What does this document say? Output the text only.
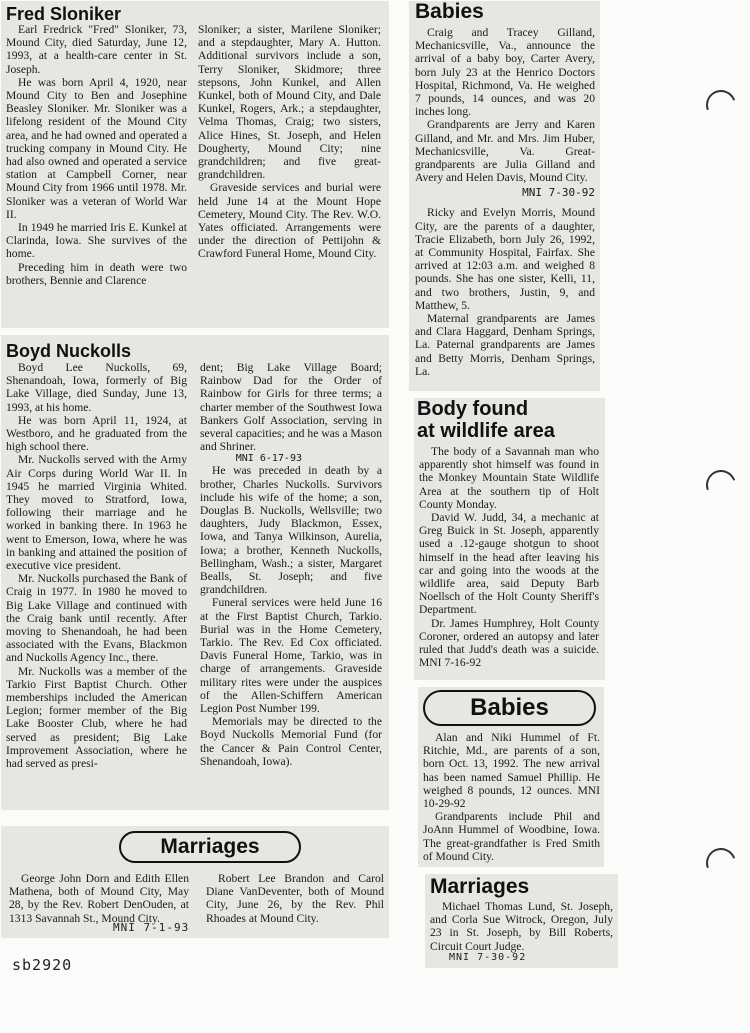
Fred Sloniker

Earl Fredrick "Fred" Sloniker, 73, Mound City, died Saturday, June 12, 1993, at a health-care center in St. Joseph.

He was born April 4, 1920, near Mound City to Ben and Josephine Beasley Sloniker. Mr. Sloniker was a lifelong resident of the Mound City area, and he had owned and operated a trucking company in Mound City. He had also owned and operated a service station at Campbell Corner, near Mound City from 1966 until 1978. Mr. Sloniker was a veteran of World War II.

In 1949 he married Iris E. Kunkel at Clarinda, Iowa. She survives of the home.

Preceding him in death were two brothers, Bennie and Clarence

Sloniker; a sister, Marilene Sloniker; and a stepdaughter, Mary A. Hutton. Additional survivors include a son, Terry Sloniker, Skidmore; three stepsons, John Kunkel, and Allen Kunkel, both of Mound City, and Dale Kunkel, Rogers, Ark.; a stepdaughter, Velma Thomas, Craig; two sisters, Alice Hines, St. Joseph, and Helen Dougherty, Mound City; nine grandchildren; and five great-grandchildren.

Graveside services and burial were held June 14 at the Mount Hope Cemetery, Mound City. The Rev. W.O. Yates officiated. Arrangements were under the direction of Pettijohn & Crawford Funeral Home, Mound City.

Boyd Nuckolls

Boyd Lee Nuckolls, 69, Shenandoah, Iowa, formerly of Big Lake Village, died Sunday, June 13, 1993, at his home.

He was born April 11, 1924, at Westboro, and he graduated from the high school there.

Mr. Nuckolls served with the Army Air Corps during World War II. In 1945 he married Virginia Whited. They moved to Stratford, Iowa, following their marriage and he worked in banking there. In 1963 he went to Emerson, Iowa, where he was in banking and attained the position of executive vice president.

Mr. Nuckolls purchased the Bank of Craig in 1977. In 1980 he moved to Big Lake Village and continued with the Craig bank until recently. After moving to Shenandoah, he had been associated with the Evans, Blackmon and Nuckolls Agency Inc., there.

Mr. Nuckolls was a member of the Tarkio First Baptist Church. Other memberships included the American Legion; former member of the Big Lake Booster Club, where he had served as president; Big Lake Improvement Association, where he had served as presi-

dent; Big Lake Village Board; Rainbow Dad for the Order of Rainbow for Girls for three terms; a charter member of the Southwest Iowa Bankers Golf Association, serving in several capacities; and he was a Mason and Shriner.

MNI 6-17-93

He was preceded in death by a brother, Charles Nuckolls. Survivors include his wife of the home; a son, Douglas B. Nuckolls, Wellsville; two daughters, Judy Blackmon, Essex, Iowa, and Tanya Wilkinson, Aurelia, Iowa; a brother, Kenneth Nuckolls, Bellingham, Wash.; a sister, Margaret Bealls, St. Joseph; and five grandchildren.

Funeral services were held June 16 at the First Baptist Church, Tarkio. Burial was in the Home Cemetery, Tarkio. The Rev. Ed Cox officiated. Davis Funeral Home, Tarkio, was in charge of arrangements. Graveside military rites were under the auspices of the Allen-Schiffern American Legion Post Number 199.

Memorials may be directed to the Boyd Nuckolls Memorial Fund (for the Cancer & Pain Control Center, Shenandoah, Iowa).

Marriages

George John Dorn and Edith Ellen Mathena, both of Mound City, May 28, by the Rev. Robert DenOuden, at 1313 Savannah St., Mound City.

MNI 7-1-93

Robert Lee Brandon and Carol Diane VanDeventer, both of Mound City, June 26, by the Rev. Phil Rhoades at Mound City.

sb2920
Babies

Craig and Tracey Gilland, Mechanicsville, Va., announce the arrival of a baby boy, Carter Avery, born July 23 at the Henrico Doctors Hospital, Richmond, Va. He weighed 7 pounds, 14 ounces, and was 20 inches long.

Grandparents are Jerry and Karen Gilland, and Mr. and Mrs. Jim Huber, Mechanicsville, Va. Great-grandparents are Julia Gilland and Avery and Helen Davis, Mound City.

MNI 7-30-92

Ricky and Evelyn Morris, Mound City, are the parents of a daughter, Tracie Elizabeth, born July 26, 1992, at Community Hospital, Fairfax. She arrived at 12:03 a.m. and weighed 8 pounds. She has one sister, Kelli, 11, and two brothers, Justin, 9, and Matthew, 5.

Maternal grandparents are James and Clara Haggard, Denham Springs, La. Paternal grandparents are James and Betty Morris, Denham Springs, La.

Body found
at wildlife area

The body of a Savannah man who apparently shot himself was found in the Monkey Mountain State Wildlife Area at the southern tip of Holt County Monday.

David W. Judd, 34, a mechanic at Greg Buick in St. Joseph, apparently used a .12-gauge shotgun to shoot himself in the head after leaving his car and going into the woods at the wildlife area, said Deputy Barb Noellsch of the Holt County Sheriff's Department.

Dr. James Humphrey, Holt County Coroner, ordered an autopsy and later ruled that Judd's death was a suicide. MNI 7-16-92

Babies

Alan and Niki Hummel of Ft. Ritchie, Md., are parents of a son, born Oct. 13, 1992. The new arrival has been named Samuel Phillip. He weighed 8 pounds, 12 ounces. MNI 10-29-92

Grandparents include Phil and JoAnn Hummel of Woodbine, Iowa. The great-grandfather is Fred Smith of Mound City.

Marriages

Michael Thomas Lund, St. Joseph, and Corla Sue Witrock, Oregon, July 23 in St. Joseph, by Bill Roberts, Circuit Court Judge.

MNI 7-30-92
